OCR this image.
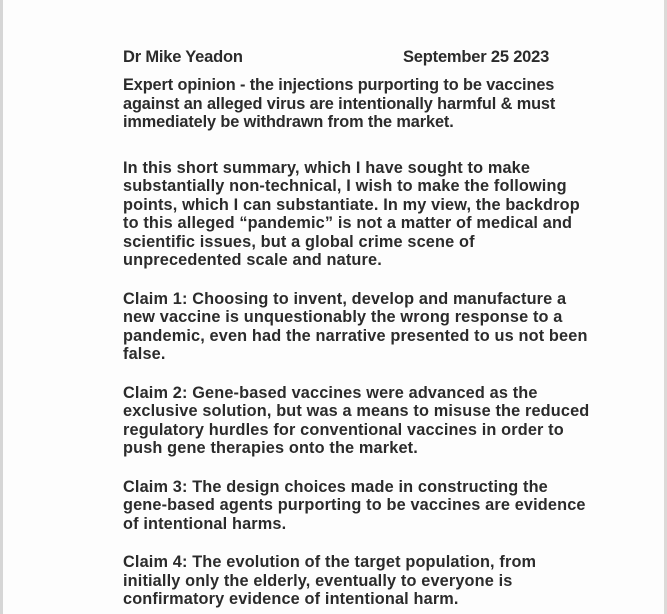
Dr Mike Yeadon	September 25 2023
Expert opinion - the injections purporting to be vaccines against an alleged virus are intentionally harmful & must immediately be withdrawn from the market.
In this short summary, which I have sought to make substantially non-technical, I wish to make the following points, which I can substantiate. In my view, the backdrop to this alleged “pandemic” is not a matter of medical and scientific issues, but a global crime scene of unprecedented scale and nature.
Claim 1: Choosing to invent, develop and manufacture a new vaccine is unquestionably the wrong response to a pandemic, even had the narrative presented to us not been false.
Claim 2: Gene-based vaccines were advanced as the exclusive solution, but was a means to misuse the reduced regulatory hurdles for conventional vaccines in order to push gene therapies onto the market.
Claim 3: The design choices made in constructing the gene-based agents purporting to be vaccines are evidence of intentional harms.
Claim 4: The evolution of the target population, from initially only the elderly, eventually to everyone is confirmatory evidence of intentional harm.
